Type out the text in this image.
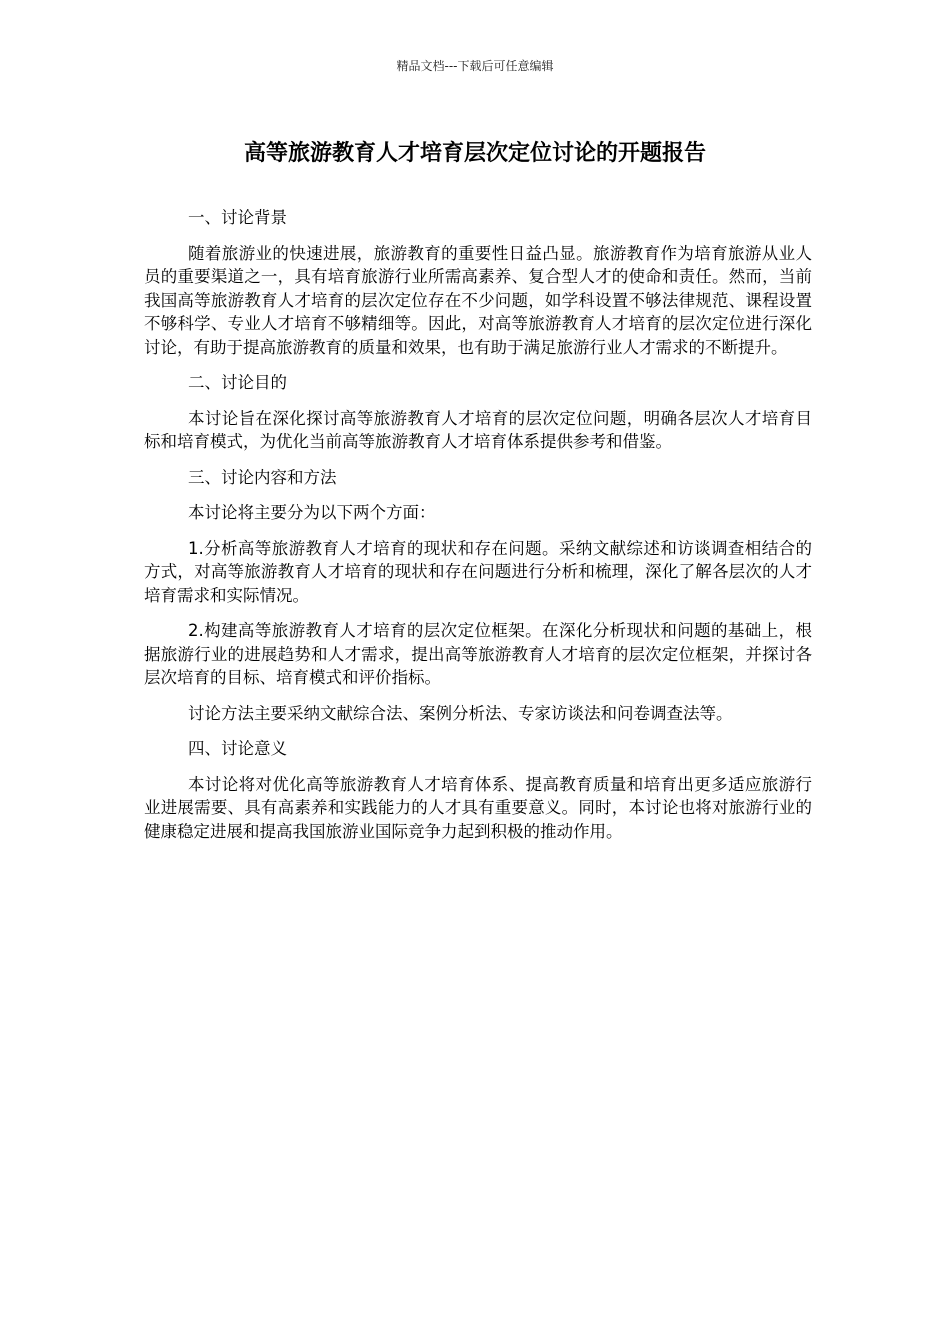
精品文档---下载后可任意编辑
高等旅游教育人才培育层次定位讨论的开题报告

一、讨论背景

随着旅游业的快速进展，旅游教育的重要性日益凸显。旅游教育作为培育旅游从业人员的重要渠道之一，具有培育旅游行业所需高素养、复合型人才的使命和责任。然而，当前我国高等旅游教育人才培育的层次定位存在不少问题，如学科设置不够法律规范、课程设置不够科学、专业人才培育不够精细等。因此，对高等旅游教育人才培育的层次定位进行深化讨论，有助于提高旅游教育的质量和效果，也有助于满足旅游行业人才需求的不断提升。

二、讨论目的

本讨论旨在深化探讨高等旅游教育人才培育的层次定位问题，明确各层次人才培育目标和培育模式，为优化当前高等旅游教育人才培育体系提供参考和借鉴。

三、讨论内容和方法

本讨论将主要分为以下两个方面：

1.分析高等旅游教育人才培育的现状和存在问题。采纳文献综述和访谈调查相结合的方式，对高等旅游教育人才培育的现状和存在问题进行分析和梳理，深化了解各层次的人才培育需求和实际情况。

2.构建高等旅游教育人才培育的层次定位框架。在深化分析现状和问题的基础上，根据旅游行业的进展趋势和人才需求，提出高等旅游教育人才培育的层次定位框架，并探讨各层次培育的目标、培育模式和评价指标。

讨论方法主要采纳文献综合法、案例分析法、专家访谈法和问卷调查法等。

四、讨论意义

本讨论将对优化高等旅游教育人才培育体系、提高教育质量和培育出更多适应旅游行业进展需要、具有高素养和实践能力的人才具有重要意义。同时，本讨论也将对旅游行业的健康稳定进展和提高我国旅游业国际竞争力起到积极的推动作用。
